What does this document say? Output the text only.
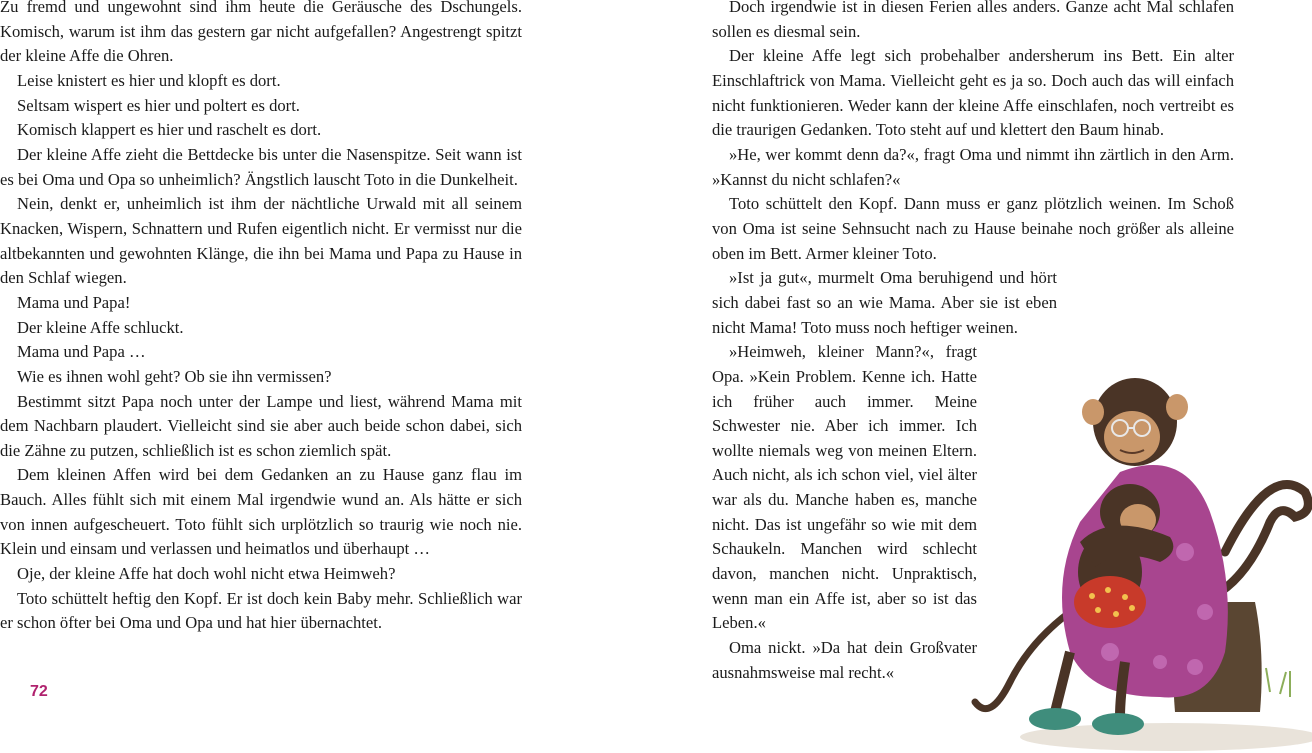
Zu fremd und ungewohnt sind ihm heute die Geräusche des Dschungels. Komisch, warum ist ihm das gestern gar nicht aufgefallen? Angestrengt spitzt der kleine Affe die Ohren.

Leise knistert es hier und klopft es dort.

Seltsam wispert es hier und poltert es dort.

Komisch klappert es hier und raschelt es dort.

Der kleine Affe zieht die Bettdecke bis unter die Nasenspitze. Seit wann ist es bei Oma und Opa so unheimlich? Ängstlich lauscht Toto in die Dunkelheit.

Nein, denkt er, unheimlich ist ihm der nächtliche Urwald mit all seinem Knacken, Wispern, Schnattern und Rufen eigentlich nicht. Er vermisst nur die altbekannten und gewohnten Klänge, die ihn bei Mama und Papa zu Hause in den Schlaf wiegen.

Mama und Papa!

Der kleine Affe schluckt.

Mama und Papa …

Wie es ihnen wohl geht? Ob sie ihn vermissen?

Bestimmt sitzt Papa noch unter der Lampe und liest, während Mama mit dem Nachbarn plaudert. Vielleicht sind sie aber auch beide schon dabei, sich die Zähne zu putzen, schließlich ist es schon ziemlich spät.

Dem kleinen Affen wird bei dem Gedanken an zu Hause ganz flau im Bauch. Alles fühlt sich mit einem Mal irgendwie wund an. Als hätte er sich von innen aufgescheuert. Toto fühlt sich urplötzlich so traurig wie noch nie. Klein und einsam und verlassen und heimatlos und überhaupt …

Oje, der kleine Affe hat doch wohl nicht etwa Heimweh?

Toto schüttelt heftig den Kopf. Er ist doch kein Baby mehr. Schließlich war er schon öfter bei Oma und Opa und hat hier übernachtet.

72

Doch irgendwie ist in diesen Ferien alles anders. Ganze acht Mal schlafen sollen es diesmal sein.

Der kleine Affe legt sich probehalber andersherum ins Bett. Ein alter Einschlaftrick von Mama. Vielleicht geht es ja so. Doch auch das will einfach nicht funktionieren. Weder kann der kleine Affe einschlafen, noch vertreibt es die traurigen Gedanken. Toto steht auf und klettert den Baum hinab.

»He, wer kommt denn da?«, fragt Oma und nimmt ihn zärtlich in den Arm. »Kannst du nicht schlafen?«

Toto schüttelt den Kopf. Dann muss er ganz plötzlich weinen. Im Schoß von Oma ist seine Sehnsucht nach zu Hause beinahe noch größer als alleine oben im Bett. Armer kleiner Toto.

»Ist ja gut«, murmelt Oma beruhigend und hört sich dabei fast so an wie Mama. Aber sie ist eben nicht Mama! Toto muss noch heftiger weinen.

»Heimweh, kleiner Mann?«, fragt Opa. »Kein Problem. Kenne ich. Hatte ich früher auch immer. Meine Schwester nie. Aber ich immer. Ich wollte niemals weg von meinen Eltern. Auch nicht, als ich schon viel, viel älter war als du. Manche haben es, manche nicht. Das ist ungefähr so wie mit dem Schaukeln. Manchen wird schlecht davon, manchen nicht. Unpraktisch, wenn man ein Affe ist, aber so ist das Leben.«

Oma nickt. »Da hat dein Großvater ausnahmsweise mal recht.«
